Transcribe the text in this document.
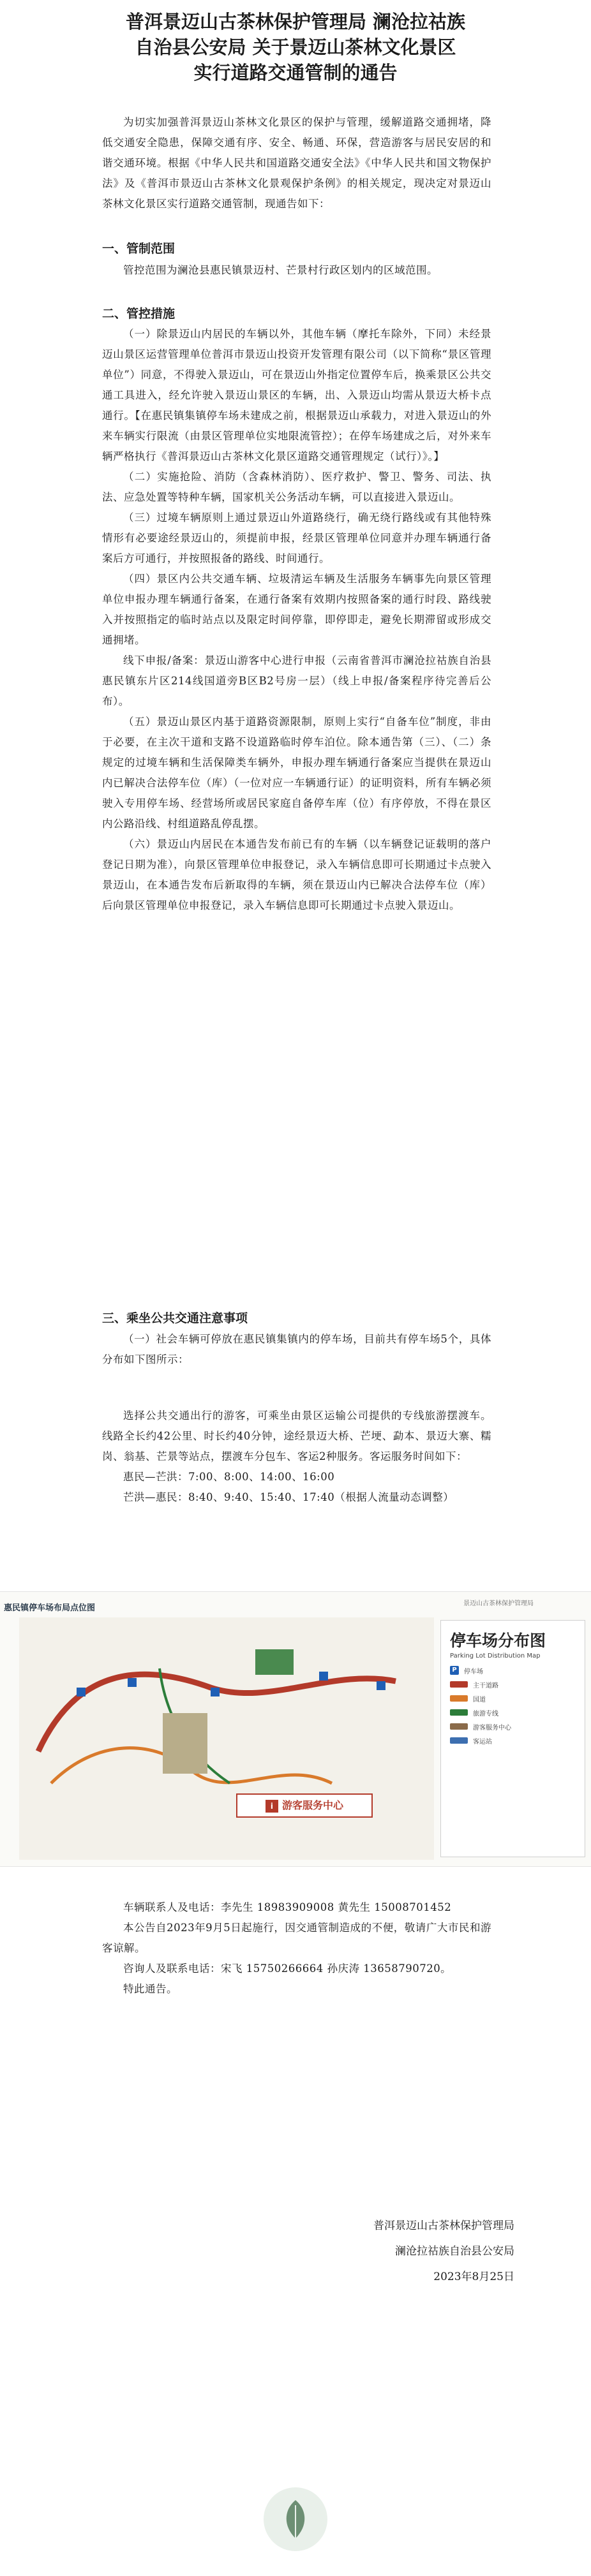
普洱景迈山古茶林保护管理局 澜沧拉祜族
自治县公安局 关于景迈山茶林文化景区
实行道路交通管制的通告

为切实加强普洱景迈山茶林文化景区的保护与管理，缓解道路交通拥堵，降低交通安全隐患，保障交通有序、安全、畅通、环保，营造游客与居民安居的和谐交通环境。根据《中华人民共和国道路交通安全法》《中华人民共和国文物保护法》及《普洱市景迈山古茶林文化景观保护条例》的相关规定，现决定对景迈山茶林文化景区实行道路交通管制，现通告如下：

一、管制范围

管控范围为澜沧县惠民镇景迈村、芒景村行政区划内的区域范围。

二、管控措施

（一）除景迈山内居民的车辆以外，其他车辆（摩托车除外，下同）未经景迈山景区运营管理单位普洱市景迈山投资开发管理有限公司（以下简称“景区管理单位”）同意，不得驶入景迈山，可在景迈山外指定位置停车后，换乘景区公共交通工具进入，经允许驶入景迈山景区的车辆，出、入景迈山均需从景迈大桥卡点通行。【在惠民镇集镇停车场未建成之前，根据景迈山承载力，对进入景迈山的外来车辆实行限流（由景区管理单位实地限流管控）；在停车场建成之后，对外来车辆严格执行《普洱景迈山古茶林文化景区道路交通管理规定（试行）》。】

（二）实施抢险、消防（含森林消防）、医疗救护、警卫、警务、司法、执法、应急处置等特种车辆，国家机关公务活动车辆，可以直接进入景迈山。

（三）过境车辆原则上通过景迈山外道路绕行，确无绕行路线或有其他特殊情形有必要途经景迈山的，须提前申报，经景区管理单位同意并办理车辆通行备案后方可通行，并按照报备的路线、时间通行。

（四）景区内公共交通车辆、垃圾清运车辆及生活服务车辆事先向景区管理单位申报办理车辆通行备案，在通行备案有效期内按照备案的通行时段、路线驶入并按照指定的临时站点以及限定时间停靠，即停即走，避免长期滞留或形成交通拥堵。

线下申报/备案：景迈山游客中心进行申报（云南省普洱市澜沧拉祜族自治县惠民镇东片区214线国道旁B区B2号房一层）（线上申报/备案程序待完善后公布）。

（五）景迈山景区内基于道路资源限制，原则上实行“自备车位”制度，非由于必要，在主次干道和支路不设道路临时停车泊位。除本通告第（三）、（二）条规定的过境车辆和生活保障类车辆外，申报办理车辆通行备案应当提供在景迈山内已解决合法停车位（库）（一位对应一车辆通行证）的证明资料，所有车辆必须驶入专用停车场、经营场所或居民家庭自备停车库（位）有序停放，不得在景区内公路沿线、村组道路乱停乱摆。

（六）景迈山内居民在本通告发布前已有的车辆（以车辆登记证载明的落户登记日期为准），向景区管理单位申报登记，录入车辆信息即可长期通过卡点驶入景迈山，在本通告发布后新取得的车辆，须在景迈山内已解决合法停车位（库）后向景区管理单位申报登记，录入车辆信息即可长期通过卡点驶入景迈山。

三、乘坐公共交通注意事项

（一）社会车辆可停放在惠民镇集镇内的停车场，目前共有停车场5个，具体分布如下图所示：

选择公共交通出行的游客，可乘坐由景区运输公司提供的专线旅游摆渡车。线路全长约42公里、时长约40分钟，途经景迈大桥、芒埂、勐本、景迈大寨、糯岗、翁基、芒景等站点，摆渡车分包车、客运2种服务。客运服务时间如下：

惠民—芒洪：7:00、8:00、14:00、16:00

芒洪—惠民：8:40、9:40、15:40、17:40（根据人流量动态调整）

惠民镇停车场布局点位图	景迈山古茶林保护管理局
i 游客服务中心
停车场分布图
Parking Lot Distribution Map
P	停车场
主干道路
国道
旅游专线
游客服务中心
客运站

车辆联系人及电话：李先生 18983909008 黄先生 15008701452

本公告自2023年9月5日起施行，因交通管制造成的不便，敬请广大市民和游客谅解。

咨询人及联系电话：宋飞 15750266664 孙庆涛 13658790720。

特此通告。

普洱景迈山古茶林保护管理局
澜沧拉祜族自治县公安局
2023年8月25日
